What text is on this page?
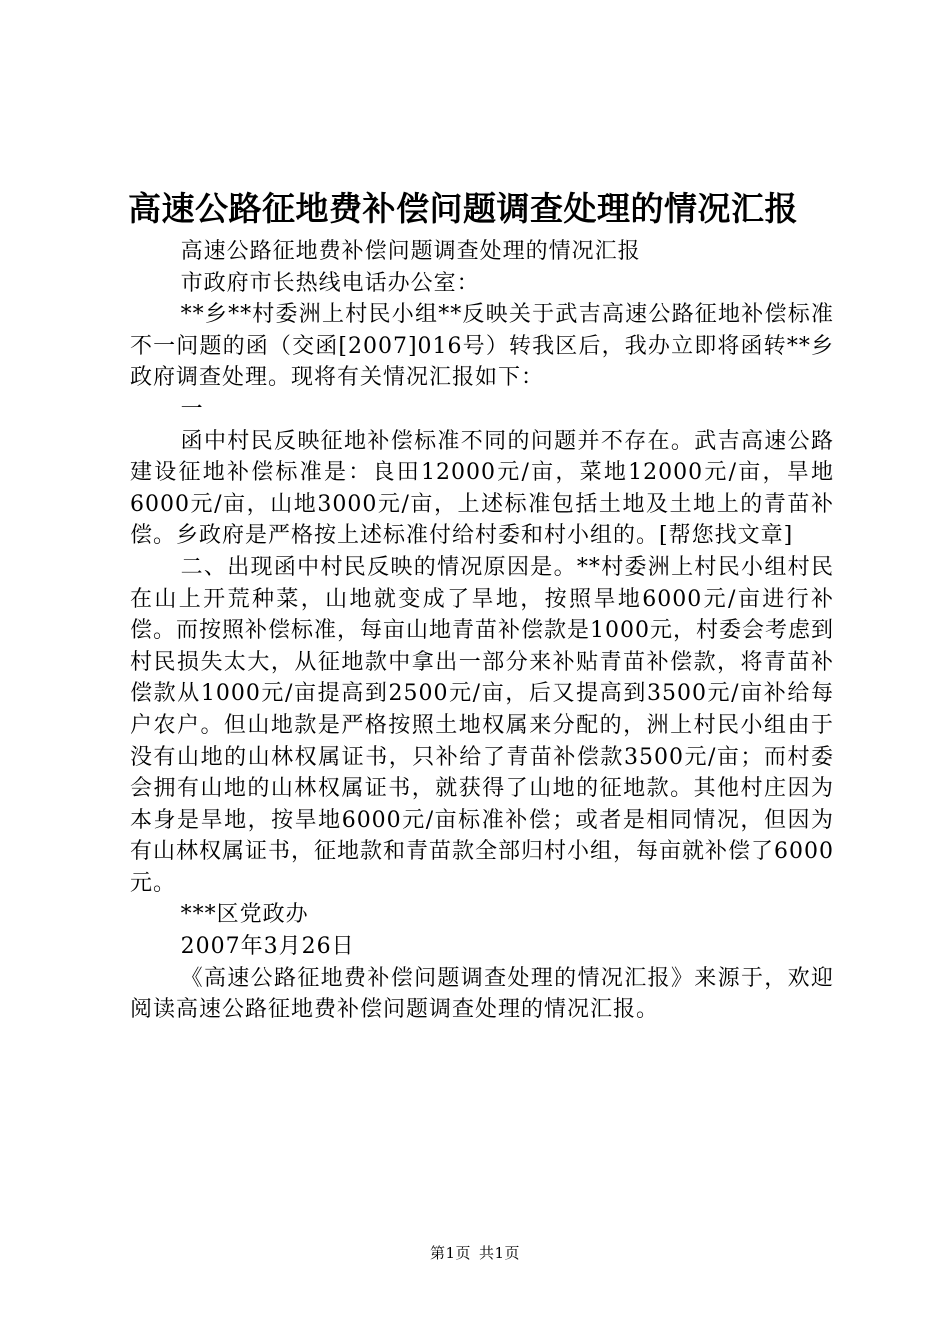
高速公路征地费补偿问题调查处理的情况汇报

高速公路征地费补偿问题调查处理的情况汇报

市政府市长热线电话办公室：

**乡**村委洲上村民小组**反映关于武吉高速公路征地补偿标准不一问题的函（交函[2007]016号）转我区后，我办立即将函转**乡政府调查处理。现将有关情况汇报如下：

一

函中村民反映征地补偿标准不同的问题并不存在。武吉高速公路建设征地补偿标准是：良田12000元/亩，菜地12000元/亩，旱地6000元/亩，山地3000元/亩，上述标准包括土地及土地上的青苗补偿。乡政府是严格按上述标准付给村委和村小组的。[帮您找文章]

二、出现函中村民反映的情况原因是。**村委洲上村民小组村民在山上开荒种菜，山地就变成了旱地，按照旱地6000元/亩进行补偿。而按照补偿标准，每亩山地青苗补偿款是1000元，村委会考虑到村民损失太大，从征地款中拿出一部分来补贴青苗补偿款，将青苗补偿款从1000元/亩提高到2500元/亩，后又提高到3500元/亩补给每户农户。但山地款是严格按照土地权属来分配的，洲上村民小组由于没有山地的山林权属证书，只补给了青苗补偿款3500元/亩；而村委会拥有山地的山林权属证书，就获得了山地的征地款。其他村庄因为本身是旱地，按旱地6000元/亩标准补偿；或者是相同情况，但因为有山林权属证书，征地款和青苗款全部归村小组，每亩就补偿了6000元。

***区党政办

2007年3月26日

《高速公路征地费补偿问题调查处理的情况汇报》来源于，欢迎阅读高速公路征地费补偿问题调查处理的情况汇报。

第1页 共1页
